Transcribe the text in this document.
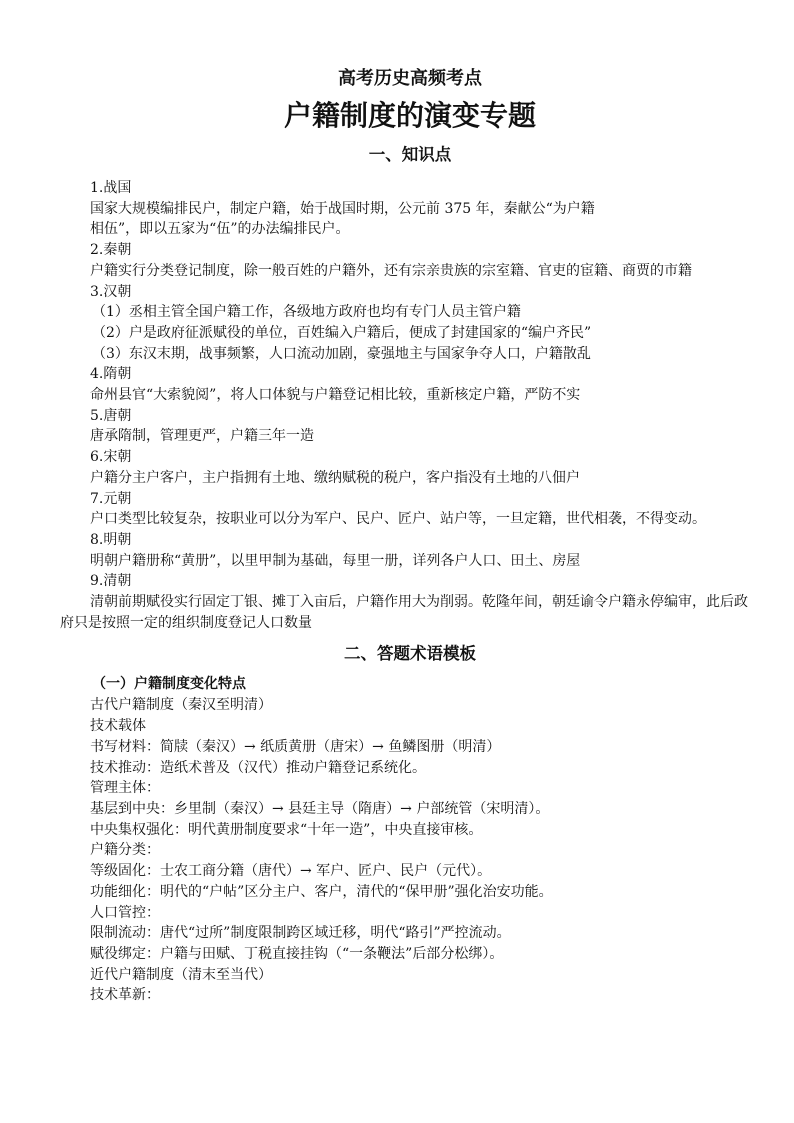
高考历史高频考点
户籍制度的演变专题
一、知识点
1.战国
国家大规模编排民户，制定户籍，始于战国时期，公元前 375 年，秦献公“为户籍
相伍”，即以五家为“伍”的办法编排民户。
2.秦朝
户籍实行分类登记制度，除一般百姓的户籍外，还有宗亲贵族的宗室籍、官吏的宦籍、商贾的市籍
3.汉朝
（1）丞相主管全国户籍工作，各级地方政府也均有专门人员主管户籍
（2）户是政府征派赋役的单位，百姓编入户籍后，便成了封建国家的“编户齐民”
（3）东汉末期，战事频繁，人口流动加剧，豪强地主与国家争夺人口，户籍散乱
4.隋朝
命州县官“大索貌阅”，将人口体貌与户籍登记相比较，重新核定户籍，严防不实
5.唐朝
唐承隋制，管理更严，户籍三年一造
6.宋朝
户籍分主户客户，主户指拥有土地、缴纳赋税的税户，客户指没有土地的八佃户
7.元朝
户口类型比较复杂，按职业可以分为军户、民户、匠户、站户等，一旦定籍，世代相袭，不得变动。
8.明朝
明朝户籍册称“黄册”，以里甲制为基础，每里一册，详列各户人口、田土、房屋
9.清朝
清朝前期赋役实行固定丁银、摊丁入亩后，户籍作用大为削弱。乾隆年间，朝廷谕令户籍永停编审，此后政府只是按照一定的组织制度登记人口数量
二、答题术语模板
（一）户籍制度变化特点
古代户籍制度（秦汉至明清）
技术载体
书写材料：简牍（秦汉）→ 纸质黄册（唐宋）→ 鱼鳞图册（明清）
技术推动：造纸术普及（汉代）推动户籍登记系统化。
管理主体：
基层到中央：乡里制（秦汉）→ 县廷主导（隋唐）→ 户部统管（宋明清）。
中央集权强化：明代黄册制度要求“十年一造”，中央直接审核。
户籍分类：
等级固化：士农工商分籍（唐代）→ 军户、匠户、民户（元代）。
功能细化：明代的“户帖”区分主户、客户，清代的“保甲册”强化治安功能。
人口管控：
限制流动：唐代“过所”制度限制跨区域迁移，明代“路引”严控流动。
赋役绑定：户籍与田赋、丁税直接挂钩（“一条鞭法”后部分松绑）。
近代户籍制度（清末至当代）
技术革新：
